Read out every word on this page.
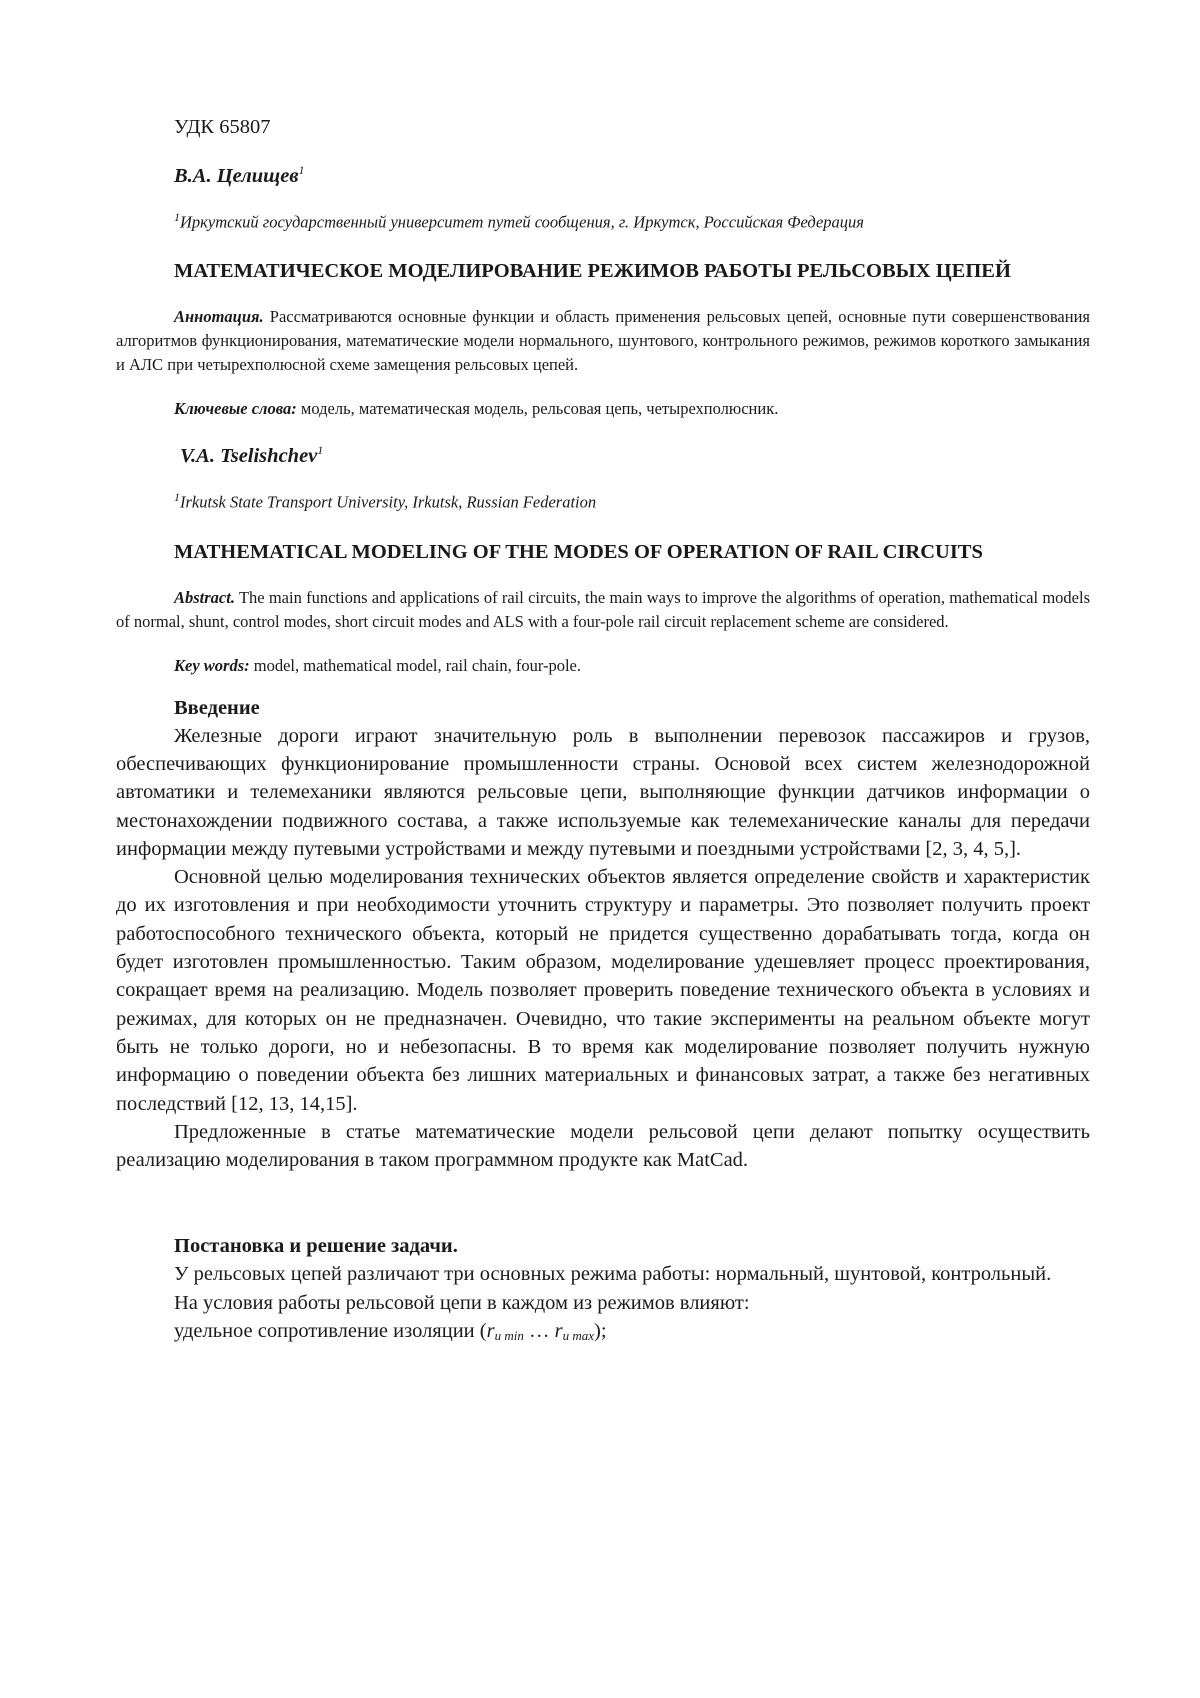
УДК 65807
В.А. Целищев1
1Иркутский государственный университет путей сообщения, г. Иркутск, Российская Федерация
МАТЕМАТИЧЕСКОЕ МОДЕЛИРОВАНИЕ РЕЖИМОВ РАБОТЫ РЕЛЬСОВЫХ ЦЕПЕЙ

Аннотация. Рассматриваются основные функции и область применения рельсовых цепей, основные пути совершенствования алгоритмов функционирования, математические модели нормального, шунтового, контрольного режимов, режимов короткого замыкания и АЛС при четырехполюсной схеме замещения рельсовых цепей.

Ключевые слова: модель, математическая модель, рельсовая цепь, четырехполюсник.
V.A. Tselishchev1
1Irkutsk State Transport University, Irkutsk, Russian Federation
MATHEMATICAL MODELING OF THE MODES OF OPERATION OF RAIL CIRCUITS

Abstract. The main functions and applications of rail circuits, the main ways to improve the algorithms of operation, mathematical models of normal, shunt, control modes, short circuit modes and ALS with a four-pole rail circuit replacement scheme are considered.

Key words: model, mathematical model, rail chain, four-pole.
Введение

Железные дороги играют значительную роль в выполнении перевозок пассажиров и грузов, обеспечивающих функционирование промышленности страны. Основой всех систем железнодорожной автоматики и телемеханики являются рельсовые цепи, выполняющие функции датчиков информации о местонахождении подвижного состава, а также используемые как телемеханические каналы для передачи информации между путевыми устройствами и между путевыми и поездными устройствами [2, 3, 4, 5,].

Основной целью моделирования технических объектов является определение свойств и характеристик до их изготовления и при необходимости уточнить структуру и параметры. Это позволяет получить проект работоспособного технического объекта, который не придется существенно дорабатывать тогда, когда он будет изготовлен промышленностью. Таким образом, моделирование удешевляет процесс проектирования, сокращает время на реализацию. Модель позволяет проверить поведение технического объекта в условиях и режимах, для которых он не предназначен. Очевидно, что такие эксперименты на реальном объекте могут быть не только дороги, но и небезопасны. В то время как моделирование позволяет получить нужную информацию о поведении объекта без лишних материальных и финансовых затрат, а также без негативных последствий [12, 13, 14,15].

Предложенные в статье математические модели рельсовой цепи делают попытку осуществить реализацию моделирования в таком программном продукте как MatCad.

Постановка и решение задачи.

У рельсовых цепей различают три основных режима работы: нормальный, шунтовой, контрольный.

На условия работы рельсовой цепи в каждом из режимов влияют:

удельное сопротивление изоляции (ru min … ru max);
